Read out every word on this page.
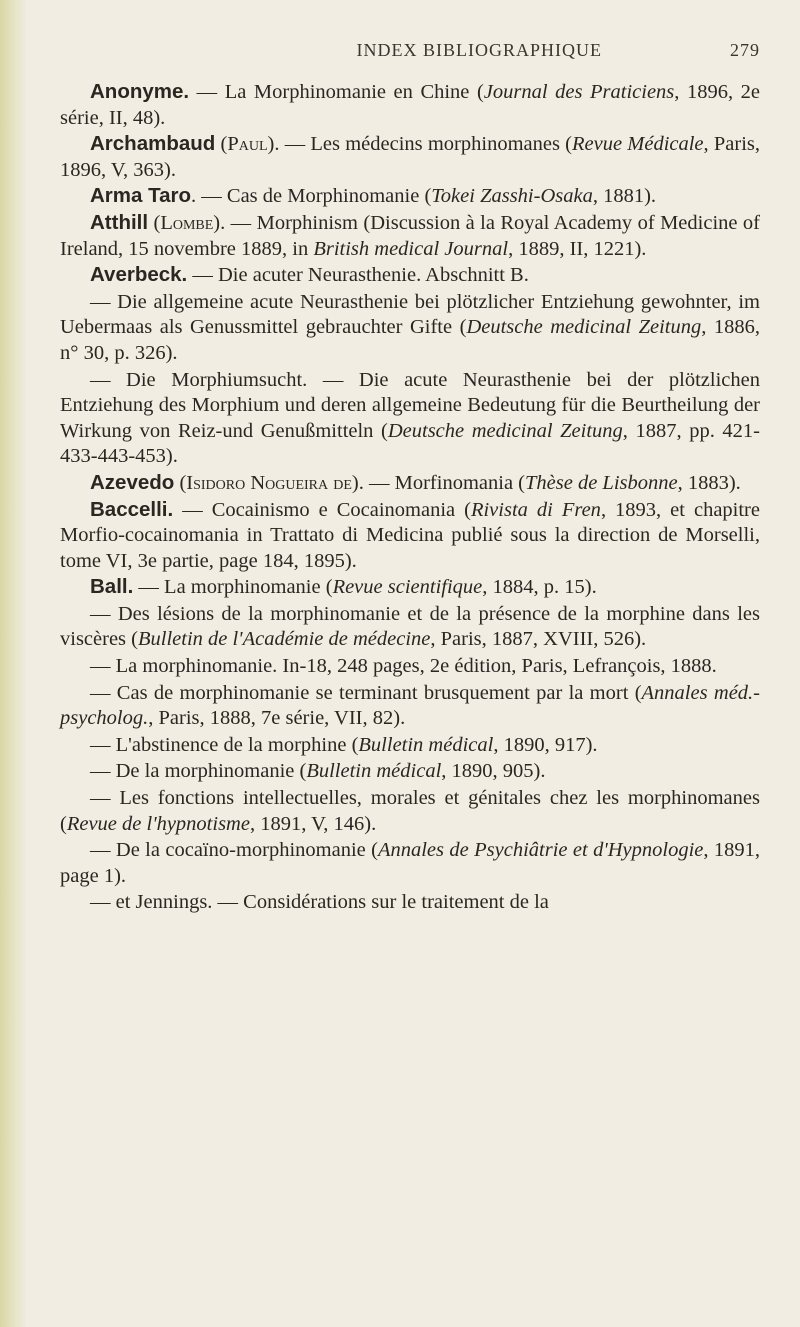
INDEX BIBLIOGRAPHIQUE	279

Anonyme. — La Morphinomanie en Chine (Journal des Praticiens, 1896, 2e série, II, 48).

Archambaud (Paul). — Les médecins morphinomanes (Revue Médicale, Paris, 1896, V, 363).

Arma Taro. — Cas de Morphinomanie (Tokei Zasshi-Osaka, 1881).

Atthill (Lombe). — Morphinism (Discussion à la Royal Academy of Medicine of Ireland, 15 novembre 1889, in British medical Journal, 1889, II, 1221).

Averbeck. — Die acuter Neurasthenie. Abschnitt B.

— Die allgemeine acute Neurasthenie bei plötzlicher Entziehung gewohnter, im Uebermaas als Genussmittel gebrauchter Gifte (Deutsche medicinal Zeitung, 1886, n° 30, p. 326).

— Die Morphiumsucht. — Die acute Neurasthenie bei der plötzlichen Entziehung des Morphium und deren allgemeine Bedeutung für die Beurtheilung der Wirkung von Reiz-und Genußmitteln (Deutsche medicinal Zeitung, 1887, pp. 421-433-443-453).

Azevedo (Isidoro Nogueira de). — Morfinomania (Thèse de Lisbonne, 1883).

Baccelli. — Cocainismo e Cocainomania (Rivista di Fren, 1893, et chapitre Morfio-cocainomania in Trattato di Medicina publié sous la direction de Morselli, tome VI, 3e partie, page 184, 1895).

Ball. — La morphinomanie (Revue scientifique, 1884, p. 15).

— Des lésions de la morphinomanie et de la présence de la morphine dans les viscères (Bulletin de l'Académie de médecine, Paris, 1887, XVIII, 526).

— La morphinomanie. In-18, 248 pages, 2e édition, Paris, Lefrançois, 1888.

— Cas de morphinomanie se terminant brusquement par la mort (Annales méd.-psycholog., Paris, 1888, 7e série, VII, 82).

— L'abstinence de la morphine (Bulletin médical, 1890, 917).

— De la morphinomanie (Bulletin médical, 1890, 905).

— Les fonctions intellectuelles, morales et génitales chez les morphinomanes (Revue de l'hypnotisme, 1891, V, 146).

— De la cocaïno-morphinomanie (Annales de Psychiâtrie et d'Hypnologie, 1891, page 1).

— et Jennings. — Considérations sur le traitement de la
